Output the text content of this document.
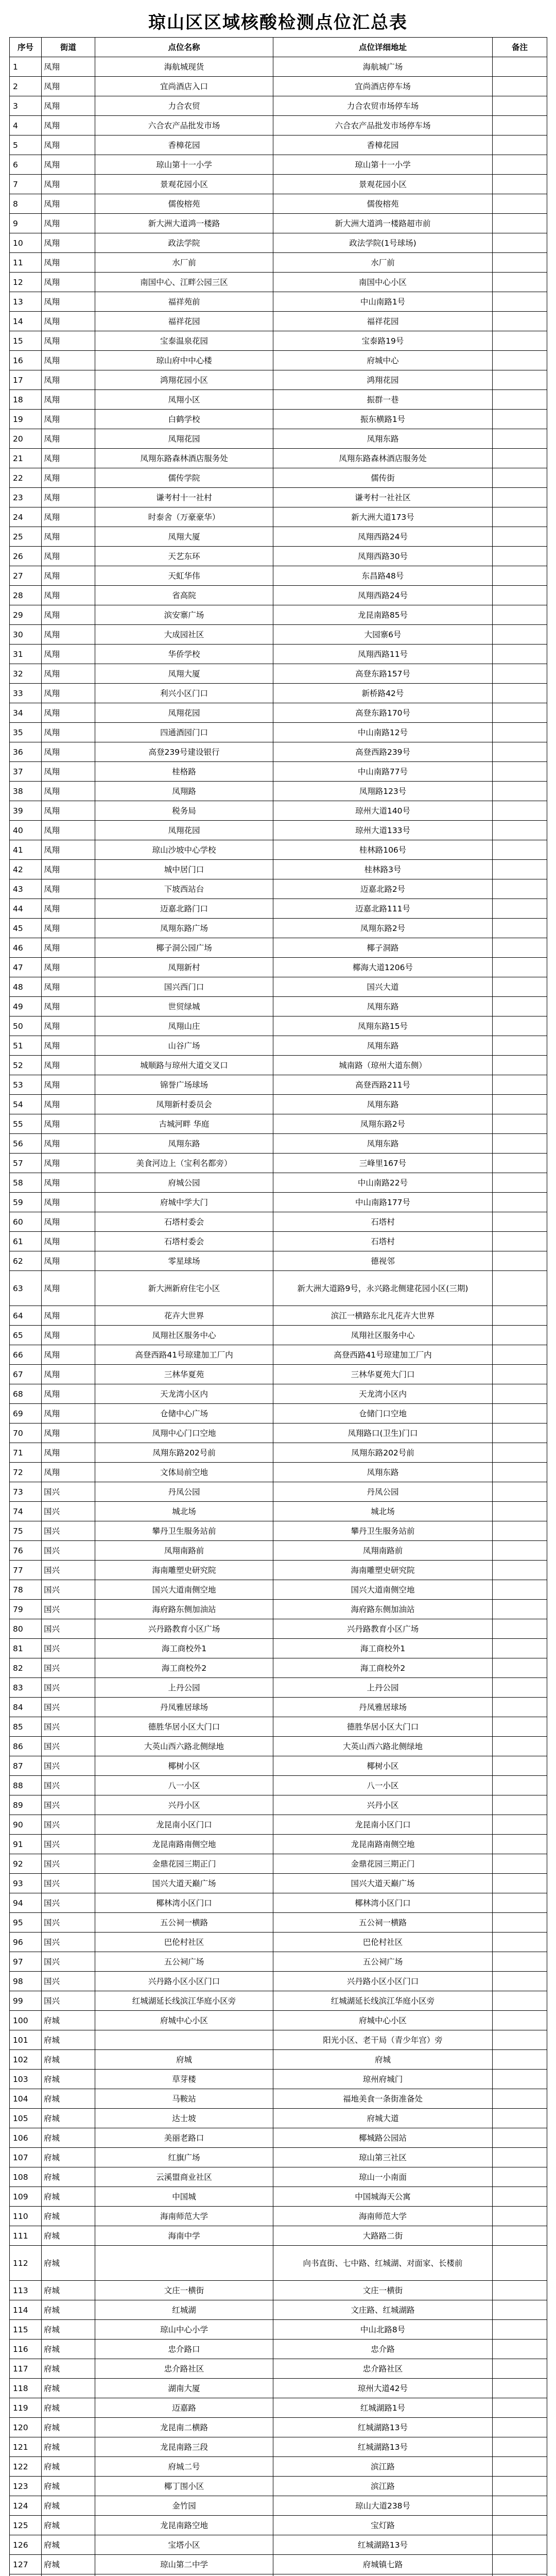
琼山区区域核酸检测点位汇总表
序号	街道	点位名称	点位详细地址	备注
1	凤翔	海航城现货	海航城广场	
2	凤翔	宜尚酒店入口	宜尚酒店停车场	
3	凤翔	力合农贸	力合农贸市场停车场	
4	凤翔	六合农产品批发市场	六合农产品批发市场停车场	
5	凤翔	香樟花园	香樟花园	
6	凤翔	琼山第十一小学	琼山第十一小学	
7	凤翔	景观花园小区	景观花园小区	
8	凤翔	儒俊榕苑	儒俊榕苑	
9	凤翔	新大洲大道鸿一楼路	新大洲大道鸿一楼路超市前	
10	凤翔	政法学院	政法学院(1号球场)	
11	凤翔	水厂前	水厂前	
12	凤翔	南国中心、江畔公园三区	南国中心小区	
13	凤翔	福祥苑前	中山南路1号	
14	凤翔	福祥花园	福祥花园	
15	凤翔	宝泰温泉花园	宝泰路19号	
16	凤翔	琼山府中中心楼	府城中心	
17	凤翔	鸿翔花园小区	鸿翔花园	
18	凤翔	凤翔小区	振群一巷	
19	凤翔	白鹤学校	振东横路1号	
20	凤翔	凤翔花园	凤翔东路	
21	凤翔	凤翔东路森林酒店服务处	凤翔东路森林酒店服务处	
22	凤翔	儒传学院	儒传街	
23	凤翔	谦考村十一社村	谦考村一社社区	
24	凤翔	时泰舍（万豪豪华）	新大洲大道173号	
25	凤翔	凤翔大厦	凤翔西路24号	
26	凤翔	天艺东环	凤翔西路30号	
27	凤翔	天虹华伟	东昌路48号	
28	凤翔	省高院	凤翔西路24号	
29	凤翔	滨安寨广场	龙昆南路85号	
30	凤翔	大成园社区	大园寨6号	
31	凤翔	华侨学校	凤翔西路11号	
32	凤翔	凤翔大厦	高登东路157号	
33	凤翔	利兴小区门口	新桥路42号	
34	凤翔	凤翔花园	高登东路170号	
35	凤翔	四通酒园门口	中山南路12号	
36	凤翔	高登239号建设银行	高登西路239号	
37	凤翔	桂格路	中山南路77号	
38	凤翔	凤翔路	凤翔路123号	
39	凤翔	税务局	琼州大道140号	
40	凤翔	凤翔花园	琼州大道133号	
41	凤翔	琼山沙坡中心学校	桂林路106号	
42	凤翔	城中居门口	桂林路3号	
43	凤翔	下坡西站台	迈嘉北路2号	
44	凤翔	迈嘉北路门口	迈嘉北路111号	
45	凤翔	凤翔东路广场	凤翔东路2号	
46	凤翔	椰子洞公园广场	椰子洞路	
47	凤翔	凤翔新村	椰海大道1206号	
48	凤翔	国兴西门口	国兴大道	
49	凤翔	世贸绿城	凤翔东路	
50	凤翔	凤翔山庄	凤翔东路15号	
51	凤翔	山谷广场	凤翔东路	
52	凤翔	城顺路与琼州大道交叉口	城南路（琼州大道东侧）	
53	凤翔	锦誉广场球场	高登西路211号	
54	凤翔	凤翔新村委员会	凤翔东路	
55	凤翔	古城河畔 华庭	凤翔东路2号	
56	凤翔	凤翔东路	凤翔东路	
57	凤翔	美食河边上（宝利名都旁）	三峰里167号	
58	凤翔	府城公园	中山南路22号	
59	凤翔	府城中学大门	中山南路177号	
60	凤翔	石塔村委会	石塔村	
61	凤翔	石塔村委会	石塔村	
62	凤翔	零星球场	德视邻	
63	凤翔	新大洲新府住宅小区	新大洲大道路9号，永兴路北侧建花园小区(三期)	
64	凤翔	花卉大世界	滨江一横路东北凡花卉大世界	
65	凤翔	凤翔社区服务中心	凤翔社区服务中心	
66	凤翔	高登西路41号琼建加工厂内	高登西路41号琼建加工厂内	
67	凤翔	三林华夏苑	三林华夏苑大门口	
68	凤翔	天龙湾小区内	天龙湾小区内	
69	凤翔	仓储中心广场	仓储门口空地	
70	凤翔	凤翔中心门口空地	凤翔路口(卫生)门口	
71	凤翔	凤翔东路202号前	凤翔东路202号前	
72	凤翔	文体局前空地	凤翔东路	
73	国兴	丹凤公园	丹凤公园	
74	国兴	城北场	城北场	
75	国兴	攀丹卫生服务站前	攀丹卫生服务站前	
76	国兴	凤翔南路前	凤翔南路前	
77	国兴	海南雕塑史研究院	海南雕塑史研究院	
78	国兴	国兴大道南侧空地	国兴大道南侧空地	
79	国兴	海府路东侧加油站	海府路东侧加油站	
80	国兴	兴丹路教育小区广场	兴丹路教育小区广场	
81	国兴	海工商校外1	海工商校外1	
82	国兴	海工商校外2	海工商校外2	
83	国兴	上丹公园	上丹公园	
84	国兴	丹凤雅居球场	丹凤雅居球场	
85	国兴	德胜华居小区大门口	德胜华居小区大门口	
86	国兴	大英山西六路北侧绿地	大英山西六路北侧绿地	
87	国兴	椰树小区	椰树小区	
88	国兴	八一小区	八一小区	
89	国兴	兴丹小区	兴丹小区	
90	国兴	龙昆南小区门口	龙昆南小区门口	
91	国兴	龙昆南路南侧空地	龙昆南路南侧空地	
92	国兴	金鼎花园三期正门	金鼎花园三期正门	
93	国兴	国兴大道天巅广场	国兴大道天巅广场	
94	国兴	椰林湾小区门口	椰林湾小区门口	
95	国兴	五公祠一横路	五公祠一横路	
96	国兴	巴伦村社区	巴伦村社区	
97	国兴	五公祠广场	五公祠广场	
98	国兴	兴丹路小区小区门口	兴丹路小区小区门口	
99	国兴	红城湖延长线滨江华庭小区旁	红城湖延长线滨江华庭小区旁	
100	府城	府城中心小区	府城中心小区	
101	府城		阳光小区、老干局（青少年宫）旁	
102	府城	府城	府城	
103	府城	草芽楼	琼州府城门	
104	府城	马鞍站	福地美食一条街准备处	
105	府城	达士坡	府城大道	
106	府城	美丽老路口	椰城路公园站	
107	府城	红旗广场	琼山第三社区	
108	府城	云溪盟商业社区	琼山一小南面	
109	府城	中国城	中国城海天公寓	
110	府城	海南师范大学	海南师范大学	
111	府城	海南中学	大路路二街	
112	府城		向书直街、七中路、红城湖、对面家、长楼前	
113	府城	文庄一横街	文庄一横街	
114	府城	红城湖	文庄路、红城湖路	
115	府城	琼山中心小学	中山北路8号	
116	府城	忠介路口	忠介路	
117	府城	忠介路社区	忠介路社区	
118	府城	湖南大厦	琼州大道42号	
119	府城	迈嘉路	红城湖路1号	
120	府城	龙昆南二横路	红城湖路13号	
121	府城	龙昆南路三段	红城湖路13号	
122	府城	府城二号	滨江路	
123	府城	椰丁围小区	滨江路	
124	府城	金竹园	琼山大道238号	
125	府城	龙昆南路空地	宝灯路	
126	府城	宝塔小区	红城湖路13号	
127	府城	琼山第二中学	府城镇七路	
